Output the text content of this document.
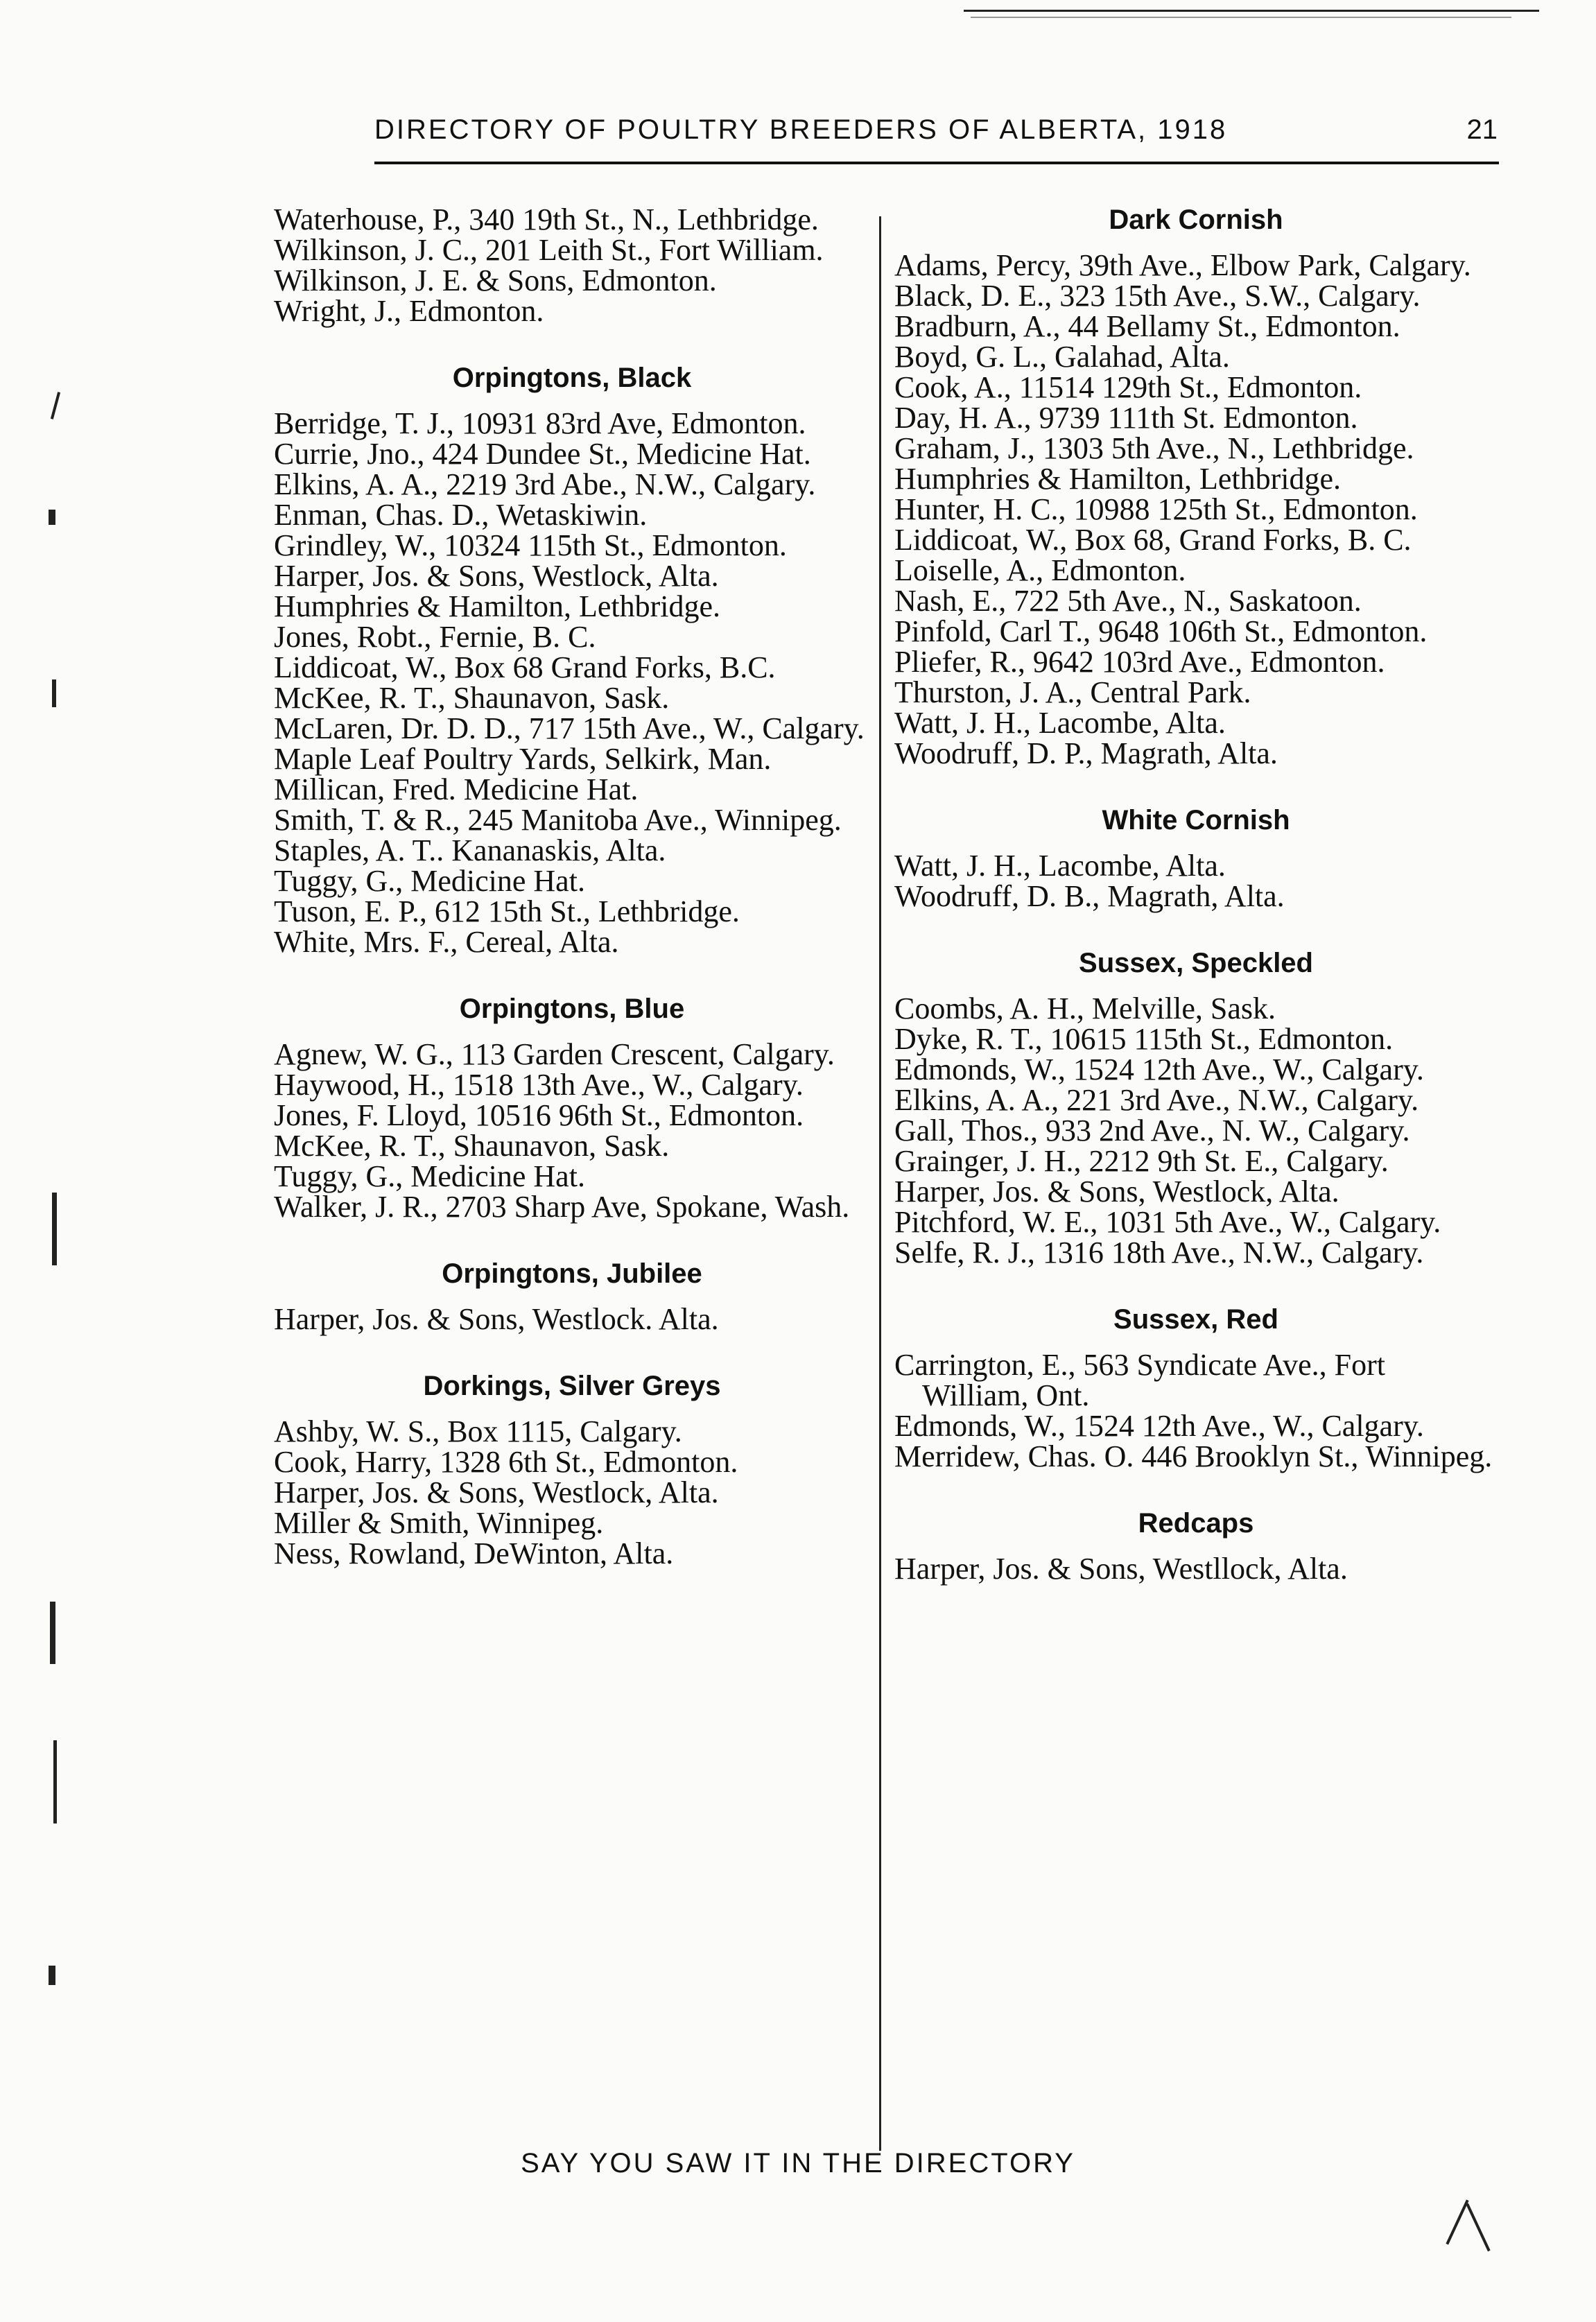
DIRECTORY OF POULTRY BREEDERS OF ALBERTA, 1918	21

Waterhouse, P., 340 19th St., N., Lethbridge.

Wilkinson, J. C., 201 Leith St., Fort William.

Wilkinson, J. E. & Sons, Edmonton.

Wright, J., Edmonton.

Orpingtons, Black

Berridge, T. J., 10931 83rd Ave, Edmonton.

Currie, Jno., 424 Dundee St., Medicine Hat.

Elkins, A. A., 2219 3rd Abe., N.W., Calgary.

Enman, Chas. D., Wetaskiwin.

Grindley, W., 10324 115th St., Edmonton.

Harper, Jos. & Sons, Westlock, Alta.

Humphries & Hamilton, Lethbridge.

Jones, Robt., Fernie, B. C.

Liddicoat, W., Box 68 Grand Forks, B.C.

McKee, R. T., Shaunavon, Sask.

McLaren, Dr. D. D., 717 15th Ave., W., Calgary.

Maple Leaf Poultry Yards, Selkirk, Man.

Millican, Fred. Medicine Hat.

Smith, T. & R., 245 Manitoba Ave., Winnipeg.

Staples, A. T.. Kananaskis, Alta.

Tuggy, G., Medicine Hat.

Tuson, E. P., 612 15th St., Lethbridge.

White, Mrs. F., Cereal, Alta.

Orpingtons, Blue

Agnew, W. G., 113 Garden Crescent, Calgary.

Haywood, H., 1518 13th Ave., W., Calgary.

Jones, F. Lloyd, 10516 96th St., Edmonton.

McKee, R. T., Shaunavon, Sask.

Tuggy, G., Medicine Hat.

Walker, J. R., 2703 Sharp Ave, Spokane, Wash.

Orpingtons, Jubilee

Harper, Jos. & Sons, Westlock. Alta.

Dorkings, Silver Greys

Ashby, W. S., Box 1115, Calgary.

Cook, Harry, 1328 6th St., Edmonton.

Harper, Jos. & Sons, Westlock, Alta.

Miller & Smith, Winnipeg.

Ness, Rowland, DeWinton, Alta.

Dark Cornish

Adams, Percy, 39th Ave., Elbow Park, Calgary.

Black, D. E., 323 15th Ave., S.W., Calgary.

Bradburn, A., 44 Bellamy St., Edmonton.

Boyd, G. L., Galahad, Alta.

Cook, A., 11514 129th St., Edmonton.

Day, H. A., 9739 111th St. Edmonton.

Graham, J., 1303 5th Ave., N., Lethbridge.

Humphries & Hamilton, Lethbridge.

Hunter, H. C., 10988 125th St., Edmonton.

Liddicoat, W., Box 68, Grand Forks, B. C.

Loiselle, A., Edmonton.

Nash, E., 722 5th Ave., N., Saskatoon.

Pinfold, Carl T., 9648 106th St., Edmonton.

Pliefer, R., 9642 103rd Ave., Edmonton.

Thurston, J. A., Central Park.

Watt, J. H., Lacombe, Alta.

Woodruff, D. P., Magrath, Alta.

White Cornish

Watt, J. H., Lacombe, Alta.

Woodruff, D. B., Magrath, Alta.

Sussex, Speckled

Coombs, A. H., Melville, Sask.

Dyke, R. T., 10615 115th St., Edmonton.

Edmonds, W., 1524 12th Ave., W., Calgary.

Elkins, A. A., 221 3rd Ave., N.W., Calgary.

Gall, Thos., 933 2nd Ave., N. W., Calgary.

Grainger, J. H., 2212 9th St. E., Calgary.

Harper, Jos. & Sons, Westlock, Alta.

Pitchford, W. E., 1031 5th Ave., W., Calgary.

Selfe, R. J., 1316 18th Ave., N.W., Calgary.

Sussex, Red

Carrington, E., 563 Syndicate Ave., Fort William, Ont.

Edmonds, W., 1524 12th Ave., W., Calgary.

Merridew, Chas. O. 446 Brooklyn St., Winnipeg.

Redcaps

Harper, Jos. & Sons, Westllock, Alta.

SAY YOU SAW IT IN THE DIRECTORY
